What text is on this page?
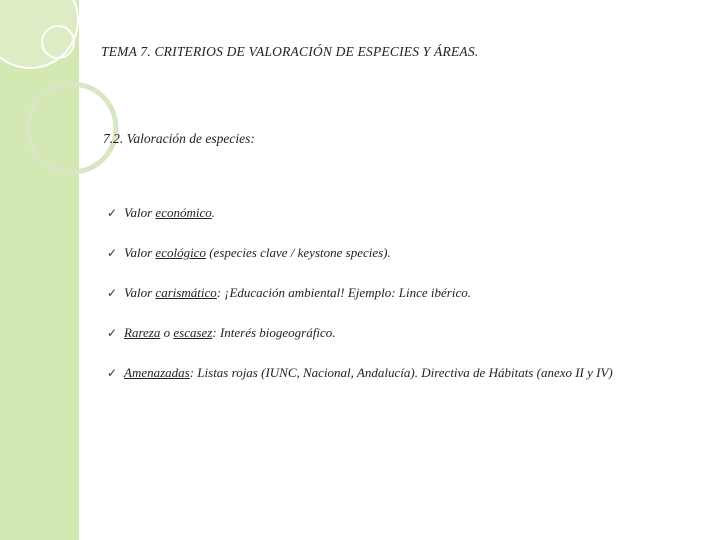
TEMA 7. CRITERIOS DE VALORACIÓN DE ESPECIES Y ÁREAS.
7.2. Valoración de especies:
✓ Valor económico.
✓ Valor ecológico (especies clave / keystone species).
✓ Valor carismático: ¡Educación ambiental! Ejemplo: Lince ibérico.
✓ Rareza o escasez: Interés biogeográfico.
✓ Amenazadas: Listas rojas (IUNC, Nacional, Andalucía). Directiva de Hábitats (anexo II y IV)
